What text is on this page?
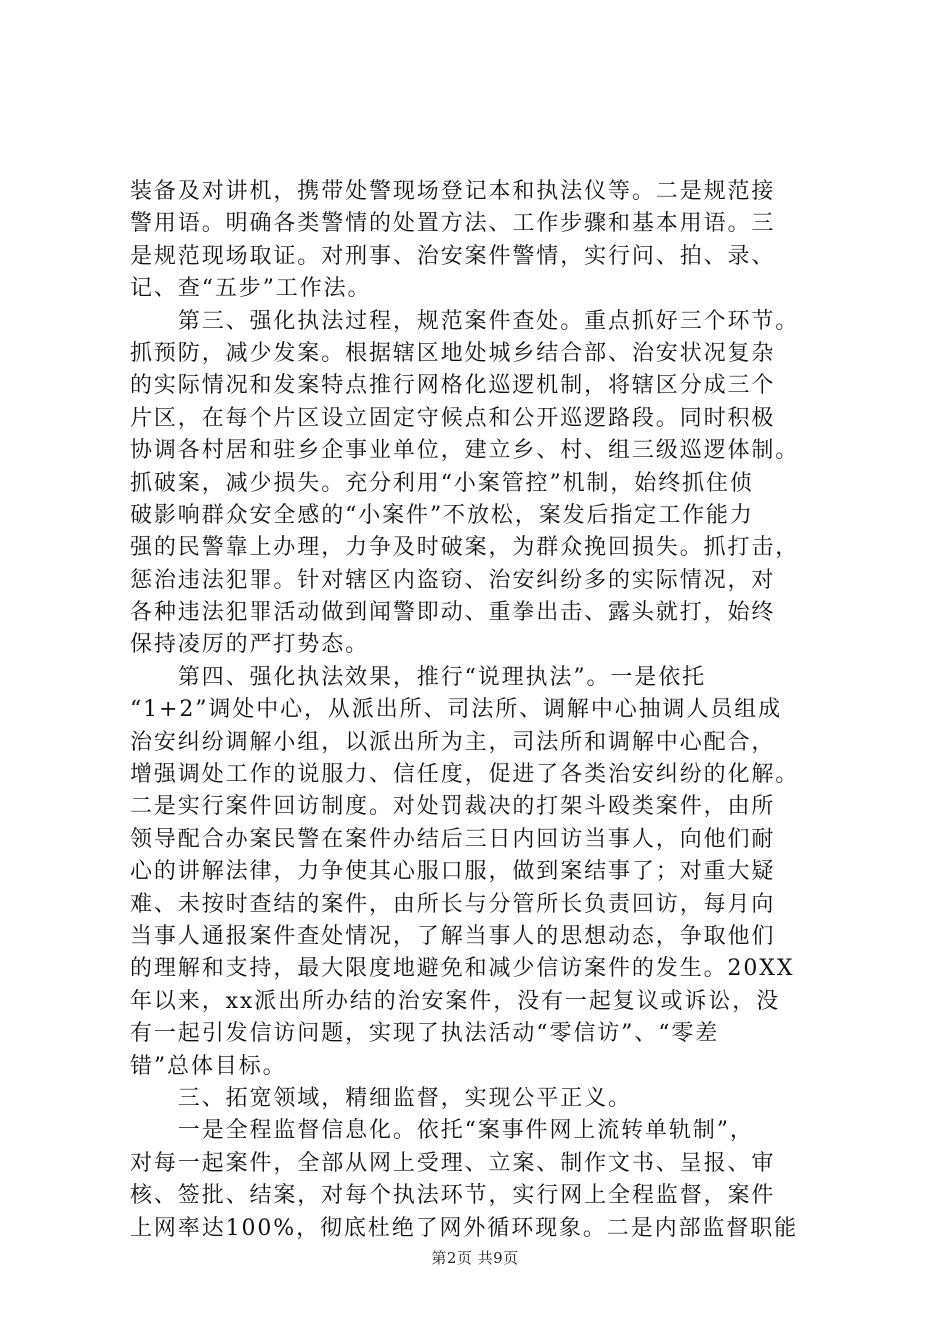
装备及对讲机，携带处警现场登记本和执法仪等。二是规范接
警用语。明确各类警情的处置方法、工作步骤和基本用语。三
是规范现场取证。对刑事、治安案件警情，实行问、拍、录、
记、查“五步”工作法。
　　第三、强化执法过程，规范案件查处。重点抓好三个环节。
抓预防，减少发案。根据辖区地处城乡结合部、治安状况复杂
的实际情况和发案特点推行网格化巡逻机制，将辖区分成三个
片区，在每个片区设立固定守候点和公开巡逻路段。同时积极
协调各村居和驻乡企事业单位，建立乡、村、组三级巡逻体制。
抓破案，减少损失。充分利用“小案管控”机制，始终抓住侦
破影响群众安全感的“小案件”不放松，案发后指定工作能力
强的民警靠上办理，力争及时破案，为群众挽回损失。抓打击，
惩治违法犯罪。针对辖区内盗窃、治安纠纷多的实际情况，对
各种违法犯罪活动做到闻警即动、重拳出击、露头就打，始终
保持凌厉的严打势态。
　　第四、强化执法效果，推行“说理执法”。一是依托
“1+2”调处中心，从派出所、司法所、调解中心抽调人员组成
治安纠纷调解小组，以派出所为主，司法所和调解中心配合，
增强调处工作的说服力、信任度，促进了各类治安纠纷的化解。
二是实行案件回访制度。对处罚裁决的打架斗殴类案件，由所
领导配合办案民警在案件办结后三日内回访当事人，向他们耐
心的讲解法律，力争使其心服口服，做到案结事了；对重大疑
难、未按时查结的案件，由所长与分管所长负责回访，每月向
当事人通报案件查处情况，了解当事人的思想动态，争取他们
的理解和支持，最大限度地避免和减少信访案件的发生。20XX
年以来，xx派出所办结的治安案件，没有一起复议或诉讼，没
有一起引发信访问题，实现了执法活动“零信访”、“零差
错”总体目标。
　　三、拓宽领域，精细监督，实现公平正义。
　　一是全程监督信息化。依托“案事件网上流转单轨制”，
对每一起案件，全部从网上受理、立案、制作文书、呈报、审
核、签批、结案，对每个执法环节，实行网上全程监督，案件
上网率达100%，彻底杜绝了网外循环现象。二是内部监督职能
第2页 共9页
